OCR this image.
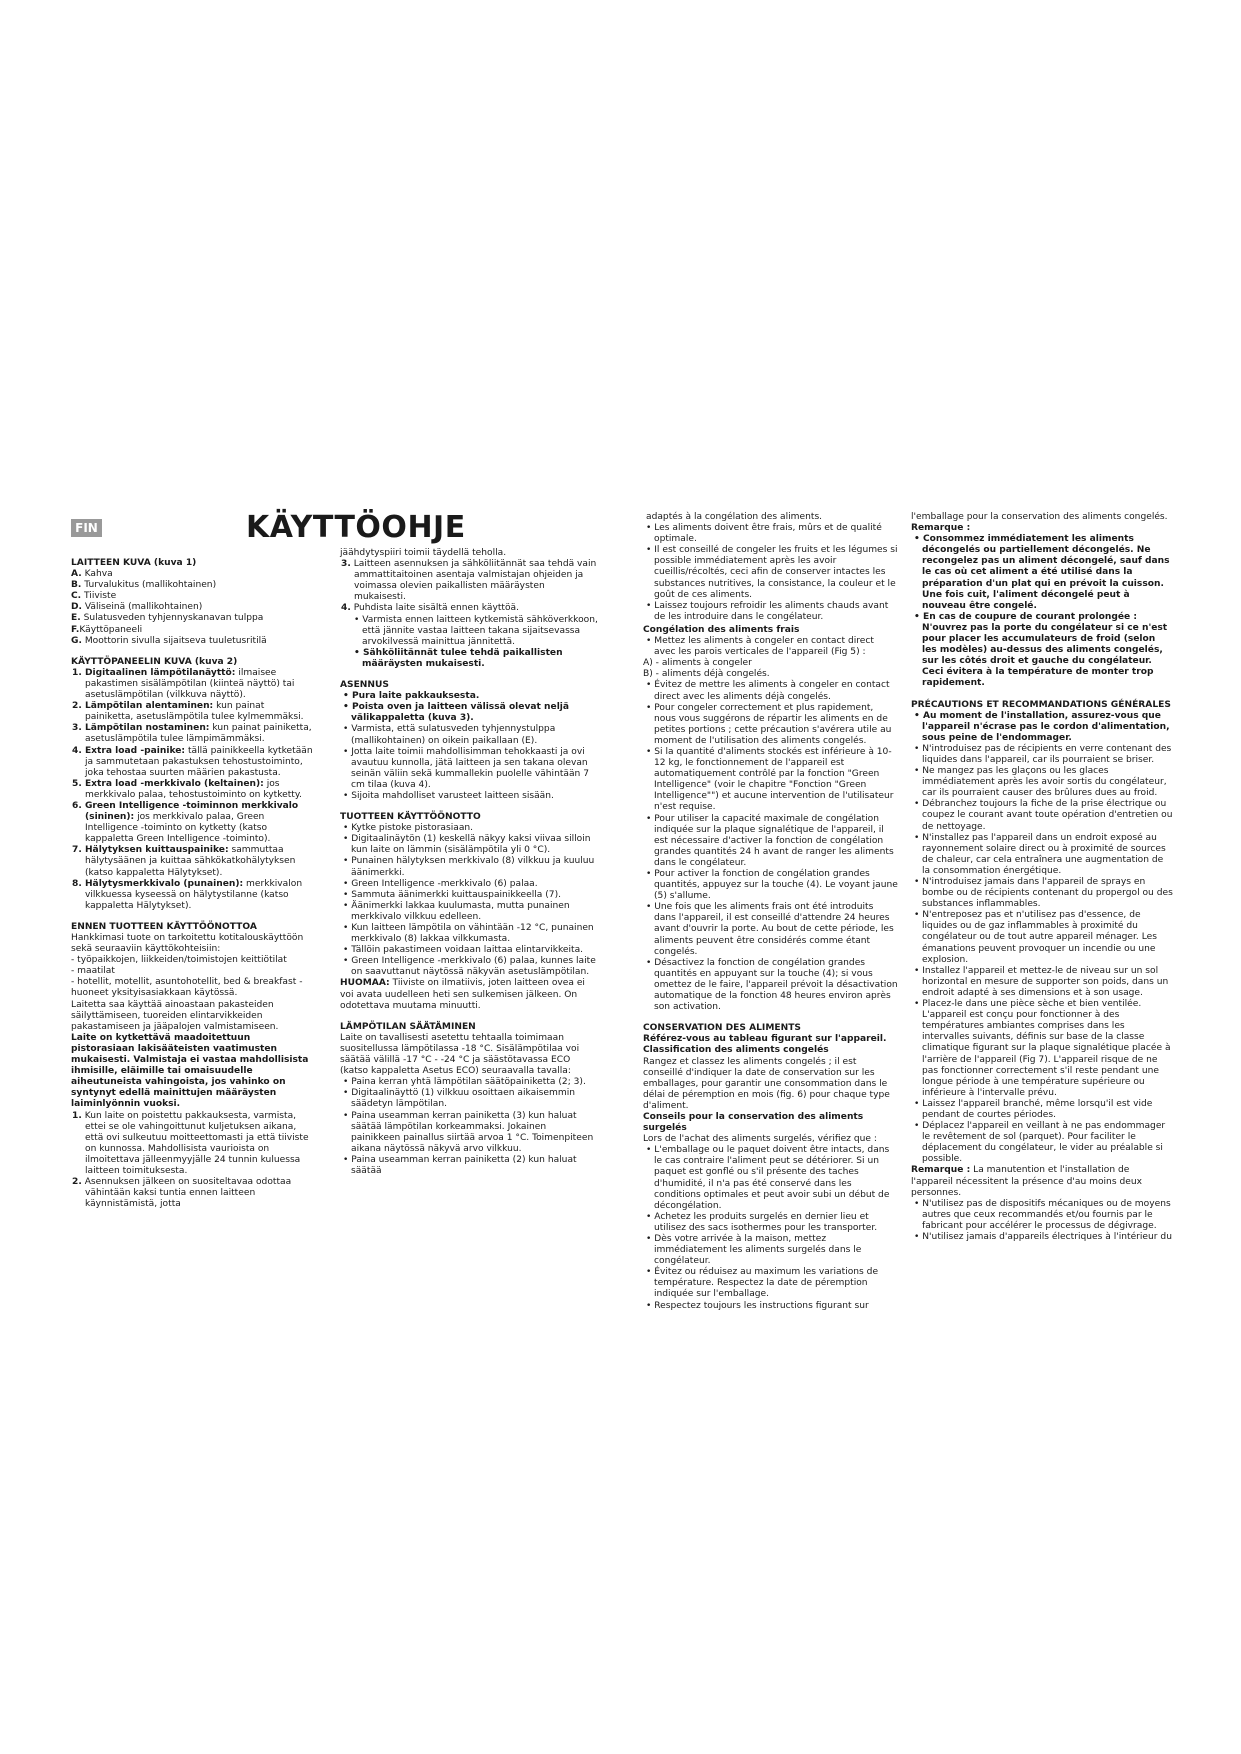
FIN	KÄYTTÖOHJE

LAITTEEN KUVA (kuva 1)

A. Kahva

B. Turvalukitus (mallikohtainen)

C. Tiiviste

D. Väliseinä (mallikohtainen)

E. Sulatusveden tyhjennyskanavan tulppa

F.Käyttöpaneeli

G. Moottorin sivulla sijaitseva tuuletusritilä

KÄYTTÖPANEELIN KUVA (kuva 2)

1. Digitaalinen lämpötilanäyttö: ilmaisee pakastimen sisälämpötilan (kiinteä näyttö) tai asetuslämpötilan (vilkkuva näyttö).

2. Lämpötilan alentaminen: kun painat painiketta, asetuslämpötila tulee kylmemmäksi.

3. Lämpötilan nostaminen: kun painat painiketta, asetuslämpötila tulee lämpimämmäksi.

4. Extra load -painike: tällä painikkeella kytketään ja sammutetaan pakastuksen tehostustoiminto, joka tehostaa suurten määrien pakastusta.

5. Extra load -merkkivalo (keltainen): jos merkkivalo palaa, tehostustoiminto on kytketty.

6. Green Intelligence -toiminnon merkkivalo (sininen): jos merkkivalo palaa, Green Intelligence -toiminto on kytketty (katso kappaletta Green Intelligence -toiminto).

7. Hälytyksen kuittauspainike: sammuttaa hälytysäänen ja kuittaa sähkökatkohälytyksen (katso kappaletta Hälytykset).

8. Hälytysmerkkivalo (punainen): merkkivalon vilkkuessa kyseessä on hälytystilanne (katso kappaletta Hälytykset).

ENNEN TUOTTEEN KÄYTTÖÖNOTTOA

Hankkimasi tuote on tarkoitettu kotitalouskäyttöön sekä seuraaviin käyttökohteisiin:

- työpaikkojen, liikkeiden/toimistojen keittiötilat

- maatilat

- hotellit, motellit, asuntohotellit, bed & breakfast -huoneet yksityisasiakkaan käytössä.

Laitetta saa käyttää ainoastaan pakasteiden säilyttämiseen, tuoreiden elintarvikkeiden pakastamiseen ja jääpalojen valmistamiseen.

Laite on kytkettävä maadoitettuun pistorasiaan lakisääteisten vaatimusten mukaisesti. Valmistaja ei vastaa mahdollisista ihmisille, eläimille tai omaisuudelle aiheutuneista vahingoista, jos vahinko on syntynyt edellä mainittujen määräysten laiminlyönnin vuoksi.

1. Kun laite on poistettu pakkauksesta, varmista, ettei se ole vahingoittunut kuljetuksen aikana, että ovi sulkeutuu moitteettomasti ja että tiiviste on kunnossa. Mahdollisista vaurioista on ilmoitettava jälleenmyyjälle 24 tunnin kuluessa laitteen toimituksesta.

2. Asennuksen jälkeen on suositeltavaa odottaa vähintään kaksi tuntia ennen laitteen käynnistämistä, jotta

jäähdytyspiiri toimii täydellä teholla.

3. Laitteen asennuksen ja sähköliitännät saa tehdä vain ammattitaitoinen asentaja valmistajan ohjeiden ja voimassa olevien paikallisten määräysten mukaisesti.

4. Puhdista laite sisältä ennen käyttöä.

• Varmista ennen laitteen kytkemistä sähköverkkoon, että jännite vastaa laitteen takana sijaitsevassa arvokilvessä mainittua jännitettä.

• Sähköliitännät tulee tehdä paikallisten määräysten mukaisesti.

ASENNUS

• Pura laite pakkauksesta.

• Poista oven ja laitteen välissä olevat neljä välikappaletta (kuva 3).

• Varmista, että sulatusveden tyhjennystulppa (mallikohtainen) on oikein paikallaan (E).

• Jotta laite toimii mahdollisimman tehokkaasti ja ovi avautuu kunnolla, jätä laitteen ja sen takana olevan seinän väliin sekä kummallekin puolelle vähintään 7 cm tilaa (kuva 4).

• Sijoita mahdolliset varusteet laitteen sisään.

TUOTTEEN KÄYTTÖÖNOTTO

• Kytke pistoke pistorasiaan.

• Digitaalinäytön (1) keskellä näkyy kaksi viivaa silloin kun laite on lämmin (sisälämpötila yli 0 °C).

• Punainen hälytyksen merkkivalo (8) vilkkuu ja kuuluu äänimerkki.

• Green Intelligence -merkkivalo (6) palaa.

• Sammuta äänimerkki kuittauspainikkeella (7).

• Äänimerkki lakkaa kuulumasta, mutta punainen merkkivalo vilkkuu edelleen.

• Kun laitteen lämpötila on vähintään -12 °C, punainen merkkivalo (8) lakkaa vilkkumasta.

• Tällöin pakastimeen voidaan laittaa elintarvikkeita.

• Green Intelligence -merkkivalo (6) palaa, kunnes laite on saavuttanut näytössä näkyvän asetuslämpötilan.

HUOMAA: Tiiviste on ilmatiivis, joten laitteen ovea ei voi avata uudelleen heti sen sulkemisen jälkeen. On odotettava muutama minuutti.

LÄMPÖTILAN SÄÄTÄMINEN

Laite on tavallisesti asetettu tehtaalla toimimaan suositellussa lämpötilassa -18 °C. Sisälämpötilaa voi säätää välillä -17 °C - -24 °C ja säästötavassa ECO (katso kappaletta Asetus ECO) seuraavalla tavalla:

• Paina kerran yhtä lämpötilan säätöpainiketta (2; 3).

• Digitaalinäyttö (1) vilkkuu osoittaen aikaisemmin säädetyn lämpötilan.

• Paina useamman kerran painiketta (3) kun haluat säätää lämpötilan korkeammaksi. Jokainen painikkeen painallus siirtää arvoa 1 °C. Toimenpiteen aikana näytössä näkyvä arvo vilkkuu.

• Paina useamman kerran painiketta (2) kun haluat säätää

adaptés à la congélation des aliments.

• Les aliments doivent être frais, mûrs et de qualité optimale.

• Il est conseillé de congeler les fruits et les légumes si possible immédiatement après les avoir cueillis/récoltés, ceci afin de conserver intactes les substances nutritives, la consistance, la couleur et le goût de ces aliments.

• Laissez toujours refroidir les aliments chauds avant de les introduire dans le congélateur.

Congélation des aliments frais

• Mettez les aliments à congeler en contact direct avec les parois verticales de l'appareil (Fig 5) :

A) - aliments à congeler

B) - aliments déjà congelés.

• Évitez de mettre les aliments à congeler en contact direct avec les aliments déjà congelés.

• Pour congeler correctement et plus rapidement, nous vous suggérons de répartir les aliments en de petites portions ; cette précaution s'avérera utile au moment de l'utilisation des aliments congelés.

• Si la quantité d'aliments stockés est inférieure à 10-12 kg, le fonctionnement de l'appareil est automatiquement contrôlé par la fonction "Green Intelligence" (voir le chapitre "Fonction "Green Intelligence"") et aucune intervention de l'utilisateur n'est requise.

• Pour utiliser la capacité maximale de congélation indiquée sur la plaque signalétique de l'appareil, il est nécessaire d'activer la fonction de congélation grandes quantités 24 h avant de ranger les aliments dans le congélateur.

• Pour activer la fonction de congélation grandes quantités, appuyez sur la touche (4). Le voyant jaune (5) s'allume.

• Une fois que les aliments frais ont été introduits dans l'appareil, il est conseillé d'attendre 24 heures avant d'ouvrir la porte. Au bout de cette période, les aliments peuvent être considérés comme étant congelés.

• Désactivez la fonction de congélation grandes quantités en appuyant sur la touche (4); si vous omettez de le faire, l'appareil prévoit la désactivation automatique de la fonction 48 heures environ après son activation.

CONSERVATION DES ALIMENTS

Référez-vous au tableau figurant sur l'appareil.

Classification des aliments congelés

Rangez et classez les aliments congelés ; il est conseillé d'indiquer la date de conservation sur les emballages, pour garantir une consommation dans le délai de péremption en mois (fig. 6) pour chaque type d'aliment.

Conseils pour la conservation des aliments surgelés

Lors de l'achat des aliments surgelés, vérifiez que :

• L'emballage ou le paquet doivent être intacts, dans le cas contraire l'aliment peut se détériorer. Si un paquet est gonflé ou s'il présente des taches d'humidité, il n'a pas été conservé dans les conditions optimales et peut avoir subi un début de décongélation.

• Achetez les produits surgelés en dernier lieu et utilisez des sacs isothermes pour les transporter.

• Dès votre arrivée à la maison, mettez immédiatement les aliments surgelés dans le congélateur.

• Évitez ou réduisez au maximum les variations de température. Respectez la date de péremption indiquée sur l'emballage.

• Respectez toujours les instructions figurant sur

l'emballage pour la conservation des aliments congelés.

Remarque :

• Consommez immédiatement les aliments décongelés ou partiellement décongelés. Ne recongelez pas un aliment décongelé, sauf dans le cas où cet aliment a été utilisé dans la préparation d'un plat qui en prévoit la cuisson. Une fois cuit, l'aliment décongelé peut à nouveau être congelé.

• En cas de coupure de courant prolongée : N'ouvrez pas la porte du congélateur si ce n'est pour placer les accumulateurs de froid (selon les modèles) au-dessus des aliments congelés, sur les côtés droit et gauche du congélateur. Ceci évitera à la température de monter trop rapidement.

PRÉCAUTIONS ET RECOMMANDATIONS GÉNÉRALES

• Au moment de l'installation, assurez-vous que l'appareil n'écrase pas le cordon d'alimentation, sous peine de l'endommager.

• N'introduisez pas de récipients en verre contenant des liquides dans l'appareil, car ils pourraient se briser.

• Ne mangez pas les glaçons ou les glaces immédiatement après les avoir sortis du congélateur, car ils pourraient causer des brûlures dues au froid.

• Débranchez toujours la fiche de la prise électrique ou coupez le courant avant toute opération d'entretien ou de nettoyage.

• N'installez pas l'appareil dans un endroit exposé au rayonnement solaire direct ou à proximité de sources de chaleur, car cela entraînera une augmentation de la consommation énergétique.

• N'introduisez jamais dans l'appareil de sprays en bombe ou de récipients contenant du propergol ou des substances inflammables.

• N'entreposez pas et n'utilisez pas d'essence, de liquides ou de gaz inflammables à proximité du congélateur ou de tout autre appareil ménager. Les émanations peuvent provoquer un incendie ou une explosion.

• Installez l'appareil et mettez-le de niveau sur un sol horizontal en mesure de supporter son poids, dans un endroit adapté à ses dimensions et à son usage.

• Placez-le dans une pièce sèche et bien ventilée. L'appareil est conçu pour fonctionner à des températures ambiantes comprises dans les intervalles suivants, définis sur base de la classe climatique figurant sur la plaque signalétique placée à l'arrière de l'appareil (Fig 7). L'appareil risque de ne pas fonctionner correctement s'il reste pendant une longue période à une température supérieure ou inférieure à l'intervalle prévu.

• Laissez l'appareil branché, même lorsqu'il est vide pendant de courtes périodes.

• Déplacez l'appareil en veillant à ne pas endommager le revêtement de sol (parquet). Pour faciliter le déplacement du congélateur, le vider au préalable si possible.

Remarque : La manutention et l'installation de l'appareil nécessitent la présence d'au moins deux personnes.

• N'utilisez pas de dispositifs mécaniques ou de moyens autres que ceux recommandés et/ou fournis par le fabricant pour accélérer le processus de dégivrage.

• N'utilisez jamais d'appareils électriques à l'intérieur du
